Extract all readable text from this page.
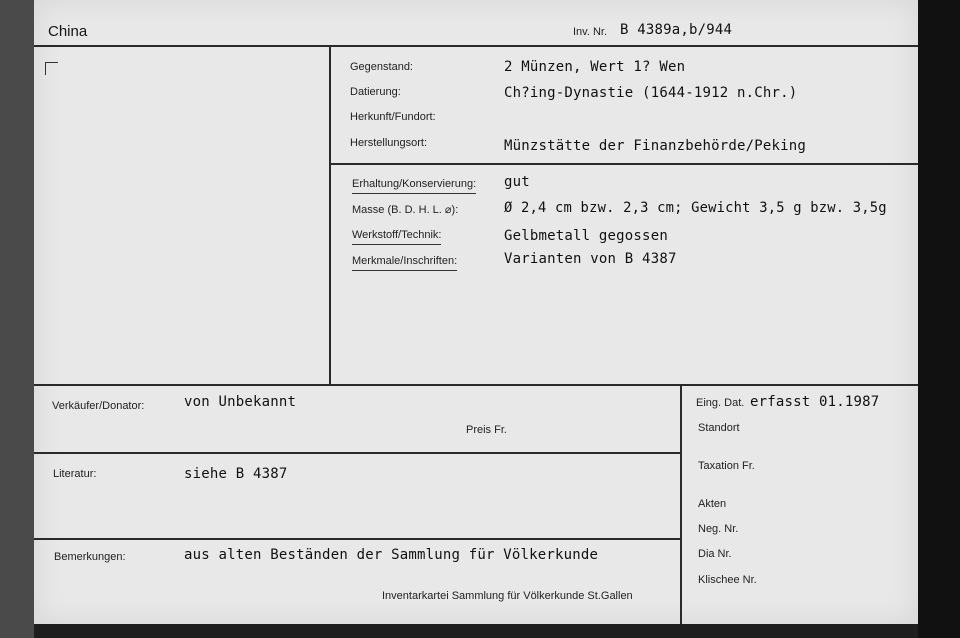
China	Inv. Nr. B 4389a,b/944
Gegenstand:	2 Münzen, Wert 1? Wen
Datierung:	Ch?ing-Dynastie (1644-1912 n.Chr.)
Herkunft/Fundort:
Herstellungsort:	Münzstätte der Finanzbehörde/Peking
Erhaltung/Konservierung: gut
Masse (B. D. H. L. ⌀):	Ø 2,4 cm bzw. 2,3 cm; Gewicht 3,5 g bzw. 3,5g
Werkstoff/Technik:	Gelbmetall gegossen
Merkmale/Inschriften:	Varianten von B 4387
Verkäufer/Donator:	von Unbekannt
Preis Fr.
Literatur:	siehe B 4387
Bemerkungen:	aus alten Beständen der Sammlung für Völkerkunde
Inventarkartei Sammlung für Völkerkunde St.Gallen
Eing. Dat. erfasst 01.1987
Standort
Taxation Fr.
Akten
Neg. Nr.
Dia Nr.
Klischee Nr.
